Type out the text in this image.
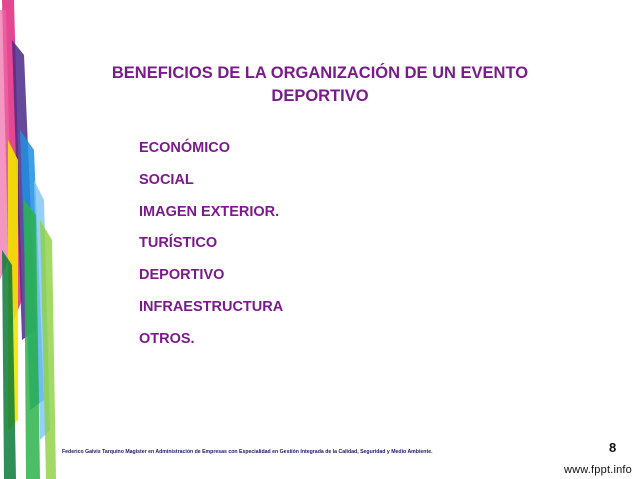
BENEFICIOS DE LA ORGANIZACIÓN DE UN EVENTO
DEPORTIVO
ECONÓMICO
SOCIAL
IMAGEN EXTERIOR.
TURÍSTICO
DEPORTIVO
INFRAESTRUCTURA
OTROS.
Federico Galvis Tarquino Magister en Administración de Empresas con Especialidad en Gestión Integrada de la Calidad, Seguridad y Medio Ambiente.	8
www.fppt.info
